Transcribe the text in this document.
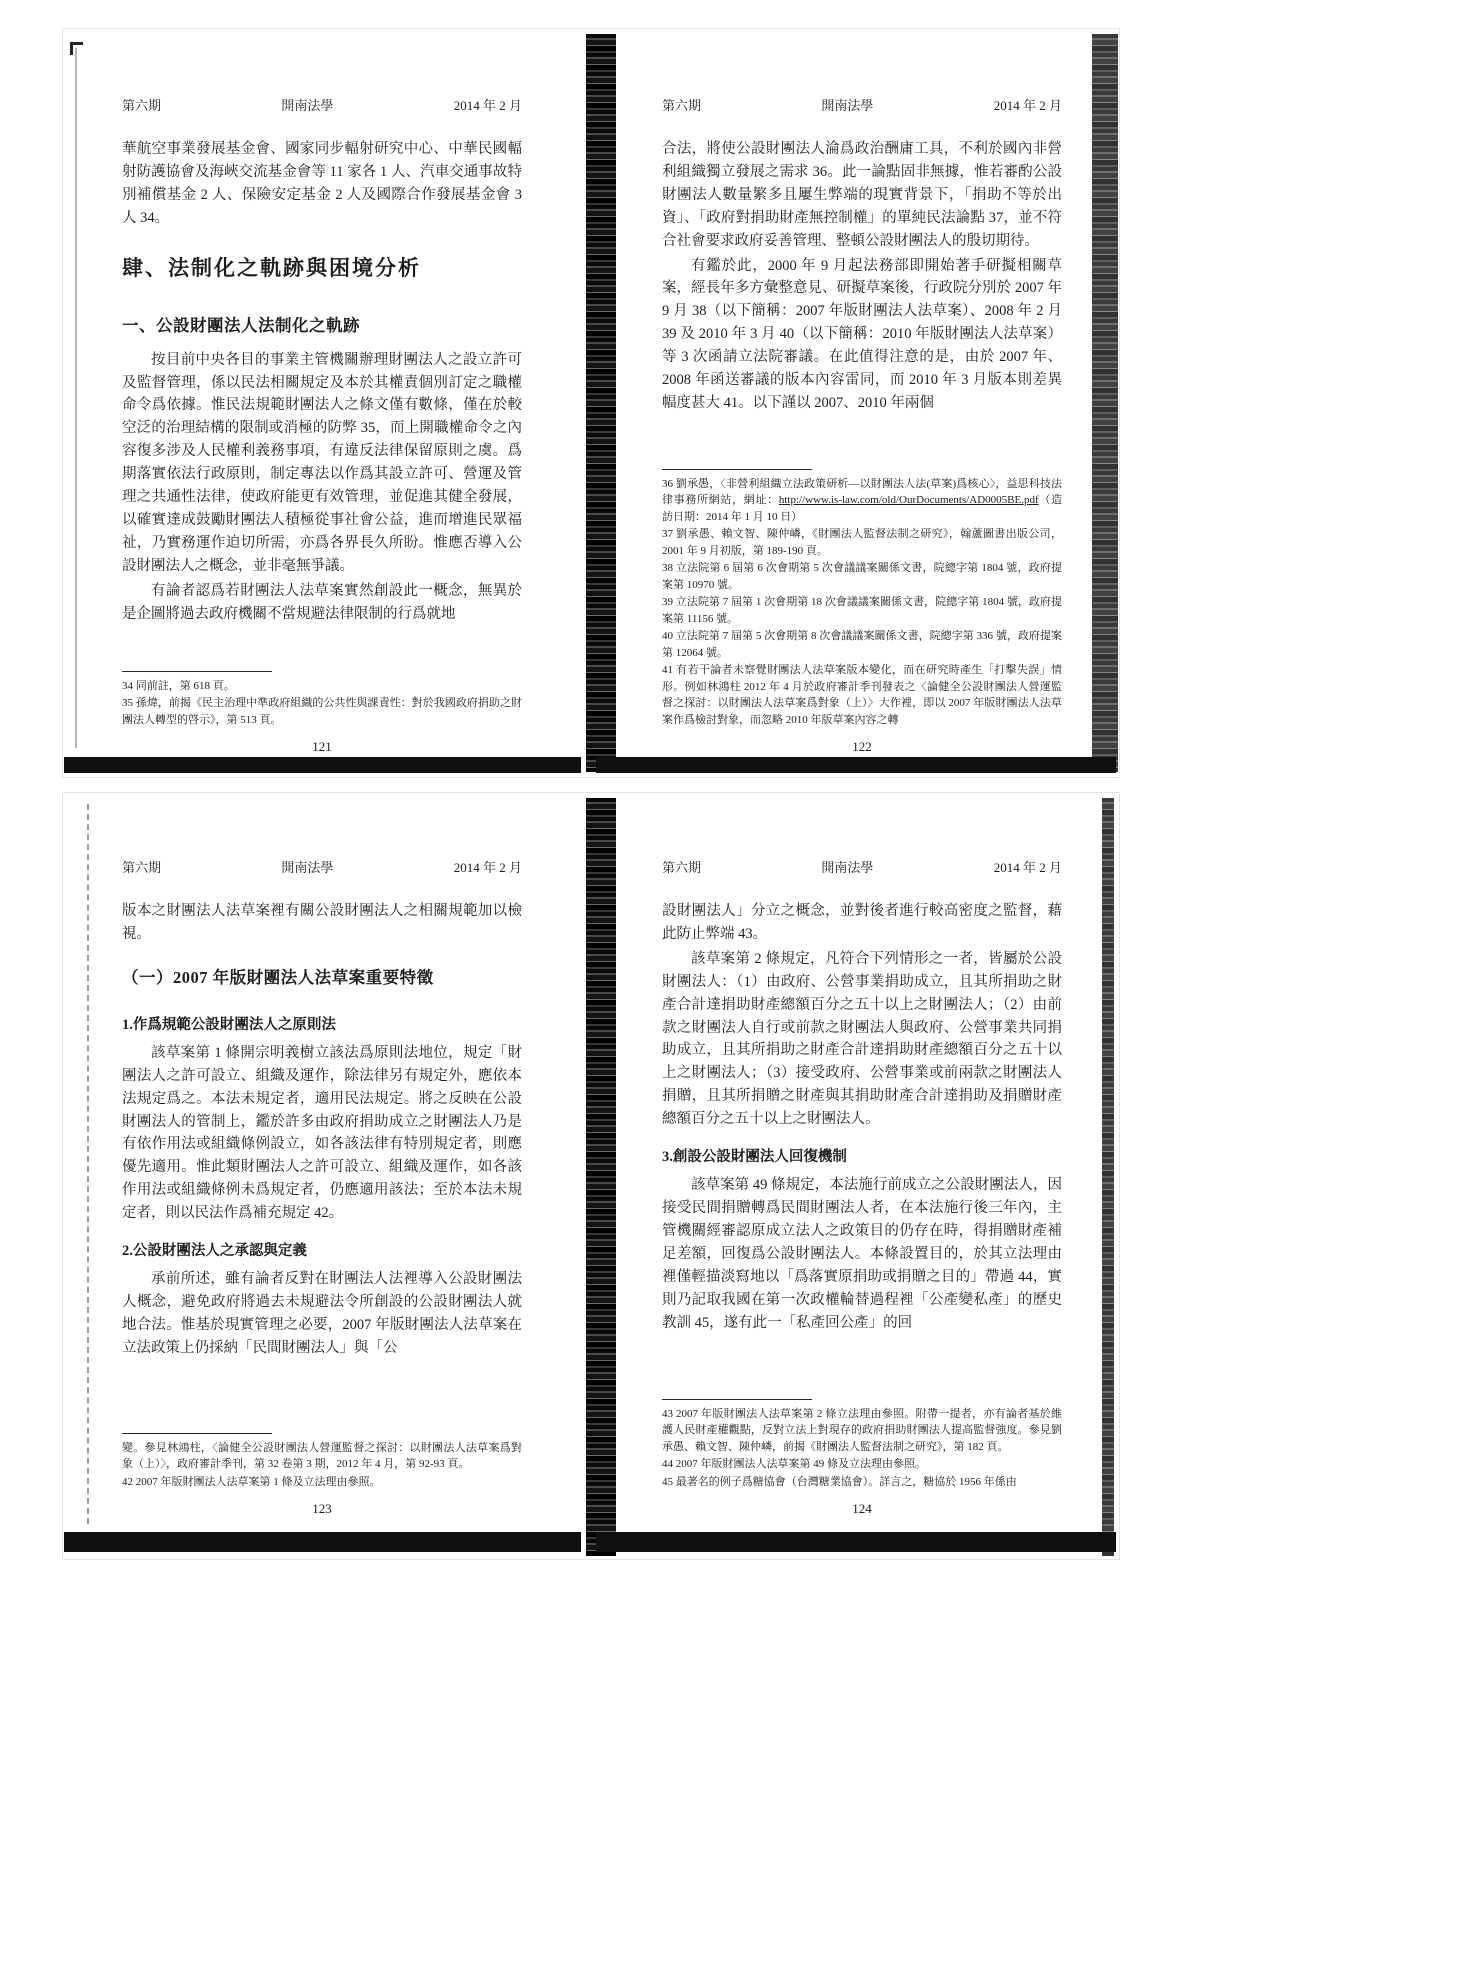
第六期	開南法學	2014 年 2 月

華航空事業發展基金會、國家同步輻射研究中心、中華民國輻射防護協會及海峽交流基金會等 11 家各 1 人、汽車交通事故特別補償基金 2 人、保險安定基金 2 人及國際合作發展基金會 3 人 34。

肆、法制化之軌跡與困境分析
一、公設財團法人法制化之軌跡

按目前中央各目的事業主管機關辦理財團法人之設立許可及監督管理，係以民法相關規定及本於其權責個別訂定之職權命令爲依據。惟民法規範財團法人之條文僅有數條，僅在於較空泛的治理結構的限制或消極的防弊 35，而上開職權命令之內容復多涉及人民權利義務事項，有違反法律保留原則之虞。爲期落實依法行政原則，制定專法以作爲其設立許可、營運及管理之共通性法律，使政府能更有效管理，並促進其健全發展，以確實達成鼓勵財團法人積極從事社會公益，進而增進民眾福祉，乃實務運作迫切所需，亦爲各界長久所盼。惟應否導入公設財團法人之概念，並非毫無爭議。

有論者認爲若財團法人法草案實然創設此一概念，無異於是企圖將過去政府機關不當規避法律限制的行爲就地

34 同前註，第 618 頁。

35 孫煒，前揭《民主治理中準政府組織的公共性與課責性：對於我國政府捐助之財團法人轉型的啓示》，第 513 頁。

121
第六期	開南法學	2014 年 2 月

合法，將使公設財團法人淪爲政治酬庸工具，不利於國內非營利組織獨立發展之需求 36。此一論點固非無據，惟若審酌公設財團法人數量繁多且屢生弊端的現實背景下，「捐助不等於出資」、「政府對捐助財產無控制權」的單純民法論點 37，並不符合社會要求政府妥善管理、整頓公設財團法人的殷切期待。

有鑑於此，2000 年 9 月起法務部即開始著手研擬相關草案，經長年多方彙整意見、研擬草案後，行政院分別於 2007 年 9 月 38（以下簡稱：2007 年版財團法人法草案）、2008 年 2 月 39 及 2010 年 3 月 40（以下簡稱：2010 年版財團法人法草案）等 3 次函請立法院審議。在此值得注意的是，由於 2007 年、2008 年函送審議的版本內容雷同，而 2010 年 3 月版本則差異幅度甚大 41。以下謹以 2007、2010 年兩個

36 劉承愚，〈非營利組織立法政策研析—以財團法人法(草案)爲核心〉，益思科技法律事務所網站，網址：http://www.is-law.com/old/OurDocuments/AD0005BE.pdf（造訪日期：2014 年 1 月 10 日）

37 劉承愚、賴文智、陳仲嶙，《財團法人監督法制之研究》，翰蘆圖書出版公司，2001 年 9 月初版，第 189-190 頁。

38 立法院第 6 屆第 6 次會期第 5 次會議議案關係文書，院總字第 1804 號，政府提案第 10970 號。

39 立法院第 7 屆第 1 次會期第 18 次會議議案關係文書，院總字第 1804 號，政府提案第 11156 號。

40 立法院第 7 屆第 5 次會期第 8 次會議議案關係文書，院總字第 336 號，政府提案第 12064 號。

41 有若干論者未察覺財團法人法草案版本變化，而在研究時產生「打擊失誤」情形。例如林鴻柱 2012 年 4 月於政府審計季刊發表之〈論健全公設財團法人營運監督之探討：以財團法人法草案爲對象（上）〉大作裡，即以 2007 年版財團法人法草案作爲檢討對象，而忽略 2010 年版草案內容之轉

122
第六期	開南法學	2014 年 2 月

版本之財團法人法草案裡有關公設財團法人之相關規範加以檢視。

（一）2007 年版財團法人法草案重要特徵
1.作爲規範公設財團法人之原則法

該草案第 1 條開宗明義樹立該法爲原則法地位，規定「財團法人之許可設立、組織及運作，除法律另有規定外，應依本法規定爲之。本法未規定者，適用民法規定。將之反映在公設財團法人的管制上，鑑於許多由政府捐助成立之財團法人乃是有依作用法或組織條例設立，如各該法律有特別規定者，則應優先適用。惟此類財團法人之許可設立、組織及運作，如各該作用法或組織條例未爲規定者，仍應適用該法；至於本法未規定者，則以民法作爲補充規定 42。

2.公設財團法人之承認與定義

承前所述，雖有論者反對在財團法人法裡導入公設財團法人概念，避免政府將過去未規避法令所創設的公設財團法人就地合法。惟基於現實管理之必要，2007 年版財團法人法草案在立法政策上仍採納「民間財團法人」與「公

變。參見林鴻柱，〈論健全公設財團法人營運監督之探討：以財團法人法草案爲對象（上）〉，政府審計季刊，第 32 卷第 3 期，2012 年 4 月，第 92-93 頁。

42 2007 年版財團法人法草案第 1 條及立法理由參照。

123
第六期	開南法學	2014 年 2 月

設財團法人」分立之概念，並對後者進行較高密度之監督，藉此防止弊端 43。

該草案第 2 條規定，凡符合下列情形之一者，皆屬於公設財團法人：（1）由政府、公營事業捐助成立，且其所捐助之財產合計達捐助財產總額百分之五十以上之財團法人；（2）由前款之財團法人自行或前款之財團法人與政府、公營事業共同捐助成立，且其所捐助之財產合計達捐助財產總額百分之五十以上之財團法人；（3）接受政府、公營事業或前兩款之財團法人捐贈，且其所捐贈之財產與其捐助財產合計達捐助及捐贈財產總額百分之五十以上之財團法人。

3.創設公設財團法人回復機制

該草案第 49 條規定，本法施行前成立之公設財團法人，因接受民間捐贈轉爲民間財團法人者，在本法施行後三年內，主管機關經審認原成立法人之政策目的仍存在時，得捐贈財產補足差額，回復爲公設財團法人。本條設置目的，於其立法理由裡僅輕描淡寫地以「爲落實原捐助或捐贈之目的」帶過 44，實則乃記取我國在第一次政權輪替過程裡「公產變私產」的歷史教訓 45，遂有此一「私產回公產」的回

43 2007 年版財團法人法草案第 2 條立法理由參照。附帶一提者，亦有論者基於維護人民財產權觀點，反對立法上對現存的政府捐助財團法人提高監督強度。參見劉承愚、賴文智、陳仲嶙，前揭《財團法人監督法制之研究》，第 182 頁。

44 2007 年版財團法人法草案第 49 條及立法理由參照。

45 最著名的例子爲糖協會（台灣糖業協會）。詳言之，糖協於 1956 年係由

124
